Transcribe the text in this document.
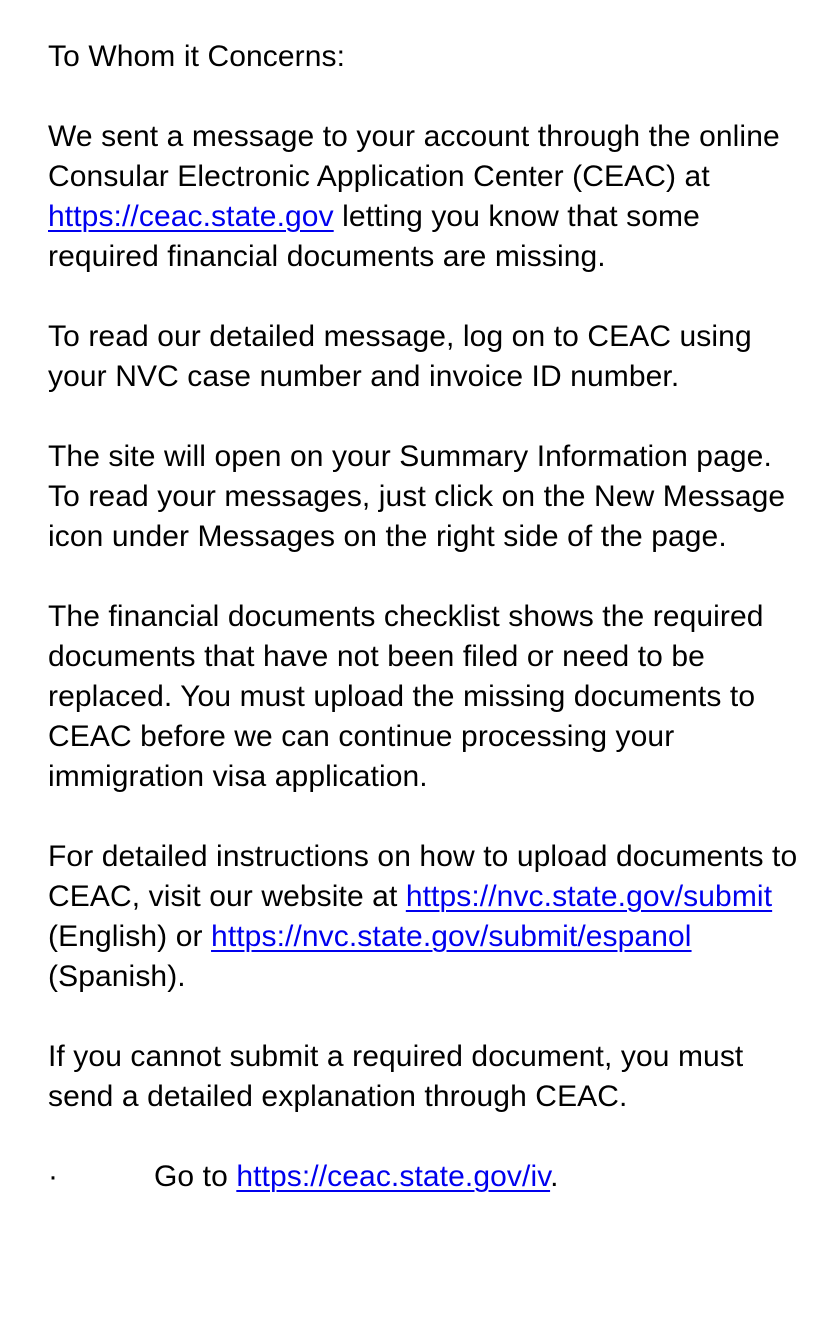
To Whom it Concerns:

We sent a message to your account through the online Consular Electronic Application Center (CEAC) at https://ceac.state.gov letting you know that some required financial documents are missing.

To read our detailed message, log on to CEAC using your NVC case number and invoice ID number.

The site will open on your Summary Information page. To read your messages, just click on the New Message icon under Messages on the right side of the page.

The financial documents checklist shows the required documents that have not been filed or need to be replaced. You must upload the missing documents to CEAC before we can continue processing your immigration visa application.

For detailed instructions on how to upload documents to CEAC, visit our website at https://nvc.state.gov/submit (English) or https://nvc.state.gov/submit/espanol (Spanish).

If you cannot submit a required document, you must send a detailed explanation through CEAC.

·	Go to https://ceac.state.gov/iv.
